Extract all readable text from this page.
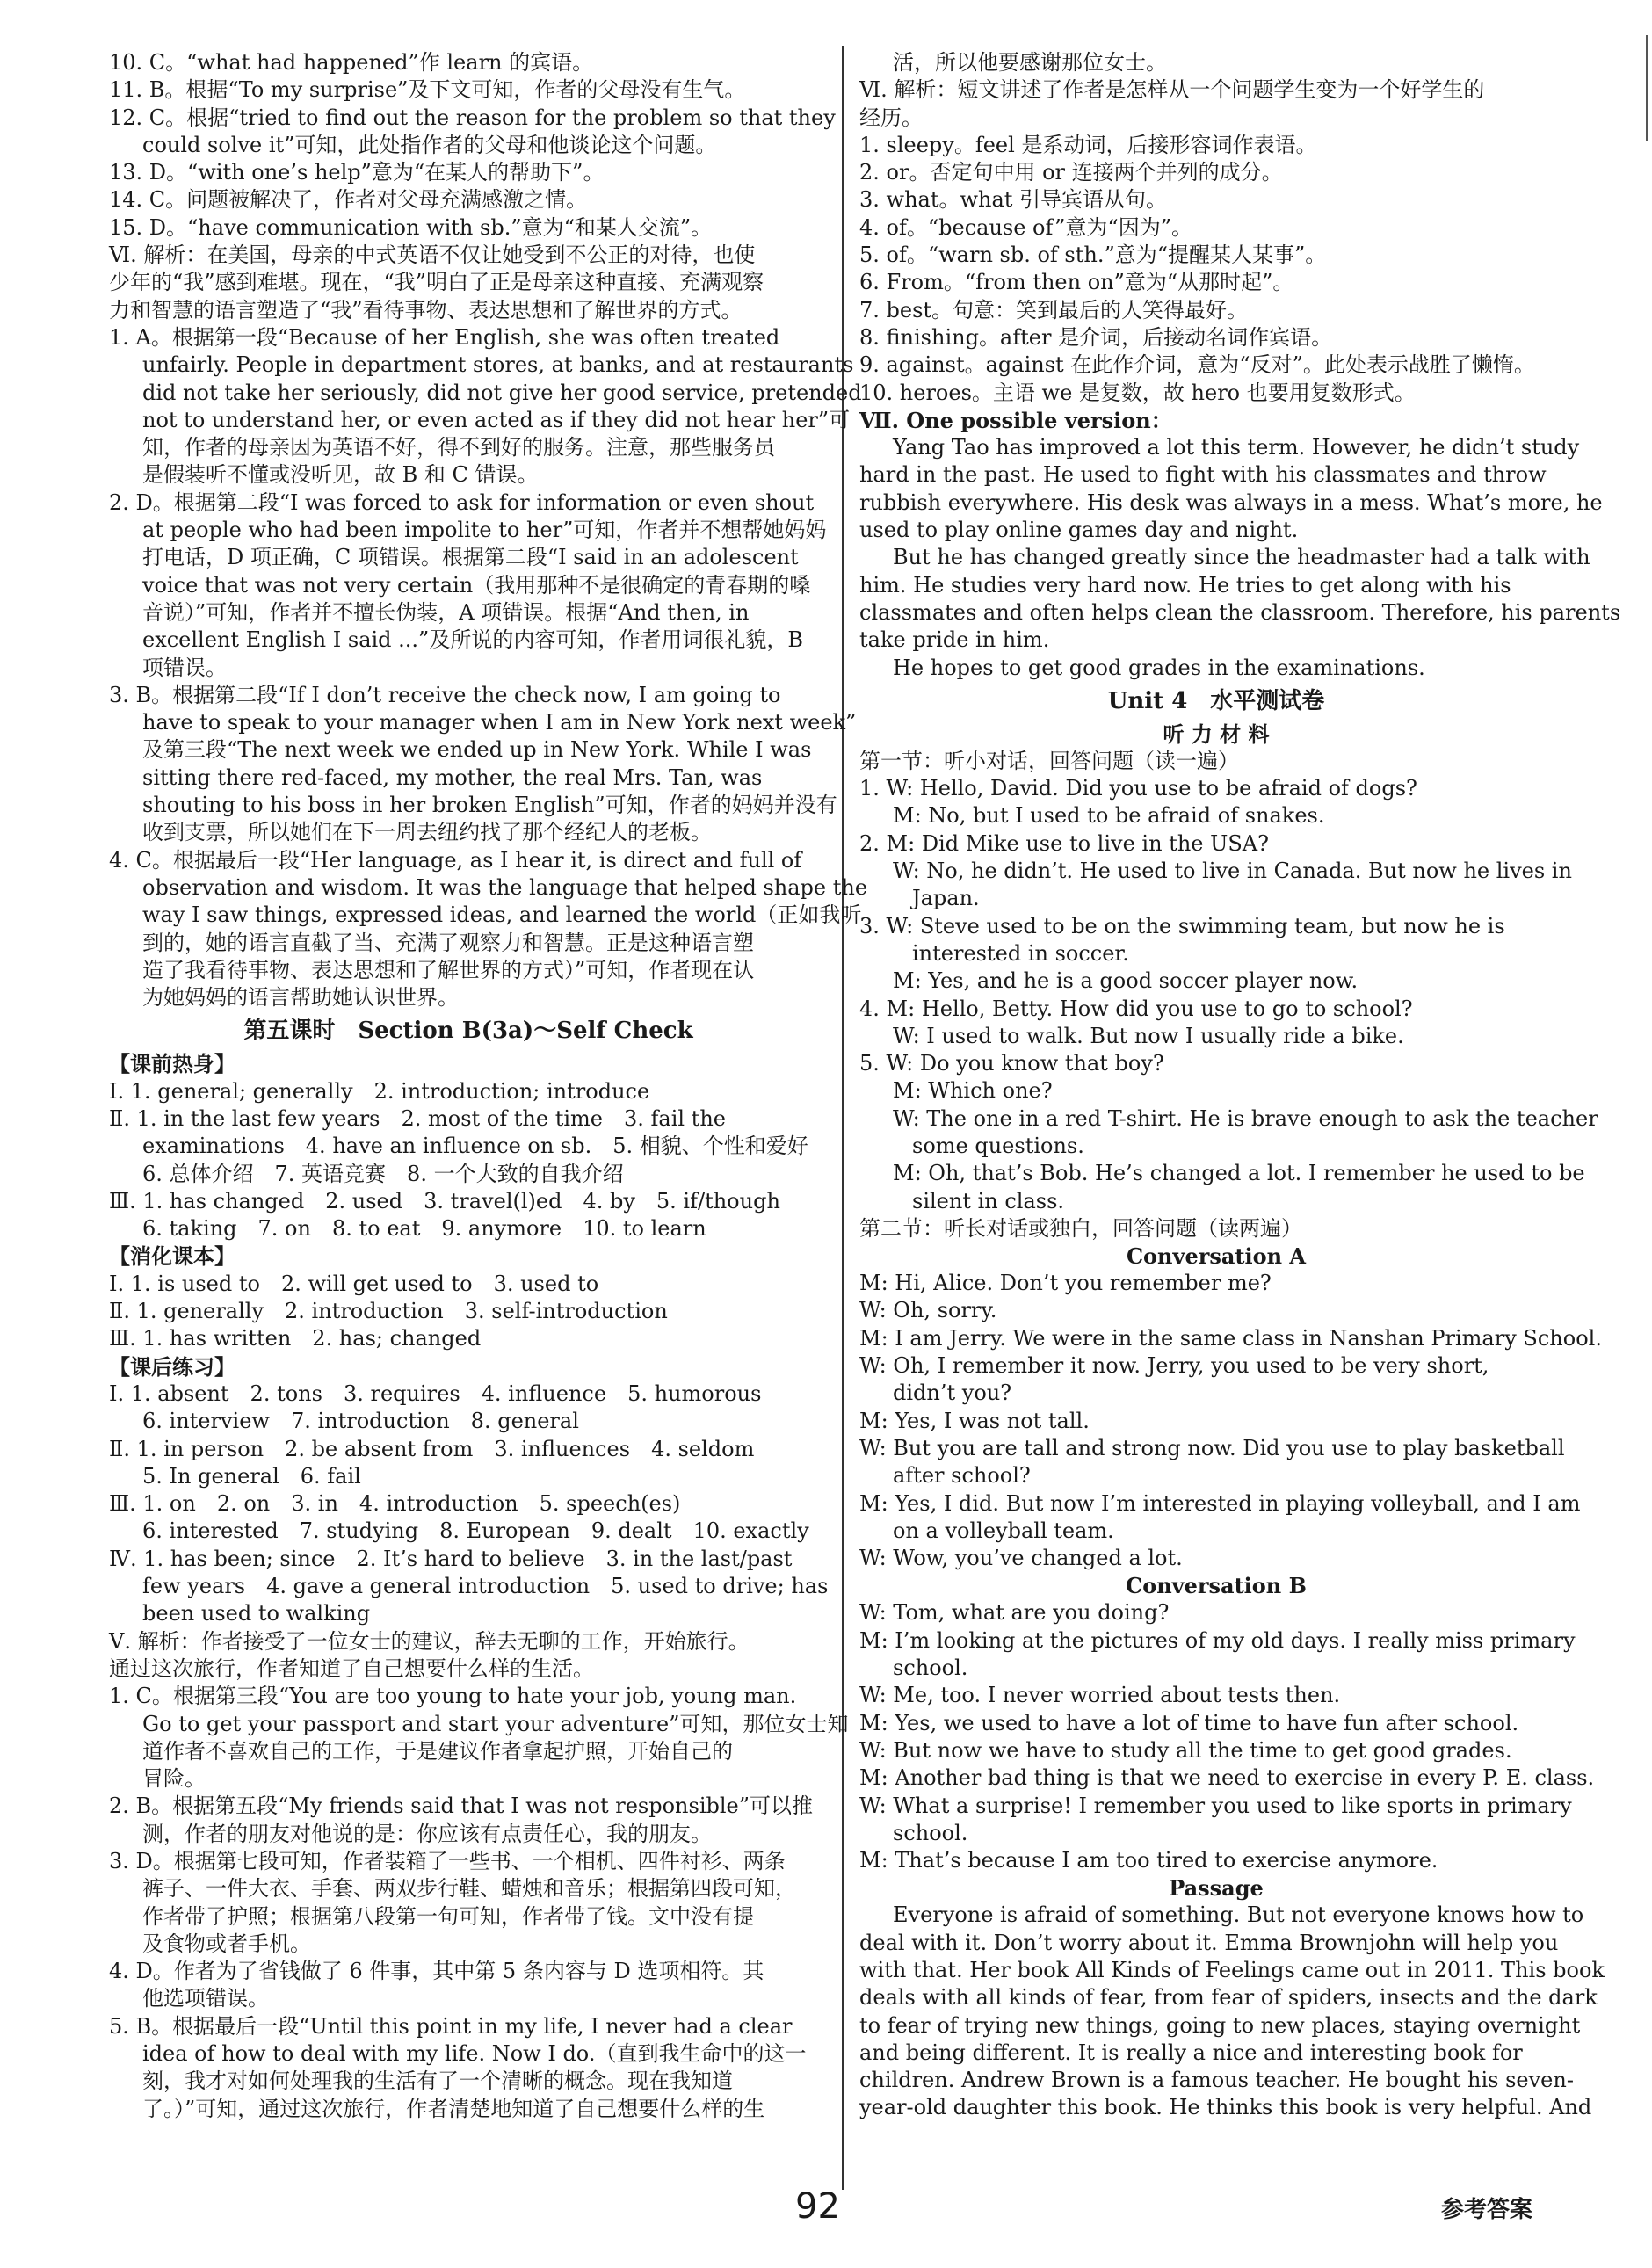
10. C。“what had happened”作 learn 的宾语。
11. B。根据“To my surprise”及下文可知，作者的父母没有生气。
12. C。根据“tried to find out the reason for the problem so that they
could solve it”可知，此处指作者的父母和他谈论这个问题。
13. D。“with one’s help”意为“在某人的帮助下”。
14. C。问题被解决了，作者对父母充满感激之情。
15. D。“have communication with sb.”意为“和某人交流”。
Ⅵ. 解析：在美国，母亲的中式英语不仅让她受到不公正的对待，也使
少年的“我”感到难堪。现在，“我”明白了正是母亲这种直接、充满观察
力和智慧的语言塑造了“我”看待事物、表达思想和了解世界的方式。
1. A。根据第一段“Because of her English, she was often treated
unfairly. People in department stores, at banks, and at restaurants
did not take her seriously, did not give her good service, pretended
not to understand her, or even acted as if they did not hear her”可
知，作者的母亲因为英语不好，得不到好的服务。注意，那些服务员
是假装听不懂或没听见，故 B 和 C 错误。
2. D。根据第二段“I was forced to ask for information or even shout
at people who had been impolite to her”可知，作者并不想帮她妈妈
打电话，D 项正确，C 项错误。根据第二段“I said in an adolescent
voice that was not very certain（我用那种不是很确定的青春期的嗓
音说）”可知，作者并不擅长伪装，A 项错误。根据“And then, in
excellent English I said ...”及所说的内容可知，作者用词很礼貌，B
项错误。
3. B。根据第二段“If I don’t receive the check now, I am going to
have to speak to your manager when I am in New York next week”
及第三段“The next week we ended up in New York. While I was
sitting there red-faced, my mother, the real Mrs. Tan, was
shouting to his boss in her broken English”可知，作者的妈妈并没有
收到支票，所以她们在下一周去纽约找了那个经纪人的老板。
4. C。根据最后一段“Her language, as I hear it, is direct and full of
observation and wisdom. It was the language that helped shape the
way I saw things, expressed ideas, and learned the world（正如我听
到的，她的语言直截了当、充满了观察力和智慧。正是这种语言塑
造了我看待事物、表达思想和了解世界的方式）”可知，作者现在认
为她妈妈的语言帮助她认识世界。
第五课时　Section B(3a)～Self Check
【课前热身】
Ⅰ. 1. general; generally　2. introduction; introduce
Ⅱ. 1. in the last few years　2. most of the time　3. fail the
examinations　4. have an influence on sb.　5. 相貌、个性和爱好
6. 总体介绍　7. 英语竞赛　8. 一个大致的自我介绍
Ⅲ. 1. has changed　2. used　3. travel(l)ed　4. by　5. if/though
6. taking　7. on　8. to eat　9. anymore　10. to learn
【消化课本】
Ⅰ. 1. is used to　2. will get used to　3. used to
Ⅱ. 1. generally　2. introduction　3. self-introduction
Ⅲ. 1. has written　2. has; changed
【课后练习】
Ⅰ. 1. absent　2. tons　3. requires　4. influence　5. humorous
6. interview　7. introduction　8. general
Ⅱ. 1. in person　2. be absent from　3. influences　4. seldom
5. In general　6. fail
Ⅲ. 1. on　2. on　3. in　4. introduction　5. speech(es)
6. interested　7. studying　8. European　9. dealt　10. exactly
Ⅳ. 1. has been; since　2. It’s hard to believe　3. in the last/past
few years　4. gave a general introduction　5. used to drive; has
been used to walking
Ⅴ. 解析：作者接受了一位女士的建议，辞去无聊的工作，开始旅行。
通过这次旅行，作者知道了自己想要什么样的生活。
1. C。根据第三段“You are too young to hate your job, young man.
Go to get your passport and start your adventure”可知，那位女士知
道作者不喜欢自己的工作，于是建议作者拿起护照，开始自己的
冒险。
2. B。根据第五段“My friends said that I was not responsible”可以推
测，作者的朋友对他说的是：你应该有点责任心，我的朋友。
3. D。根据第七段可知，作者装箱了一些书、一个相机、四件衬衫、两条
裤子、一件大衣、手套、两双步行鞋、蜡烛和音乐；根据第四段可知，
作者带了护照；根据第八段第一句可知，作者带了钱。文中没有提
及食物或者手机。
4. D。作者为了省钱做了 6 件事，其中第 5 条内容与 D 选项相符。其
他选项错误。
5. B。根据最后一段“Until this point in my life, I never had a clear
idea of how to deal with my life. Now I do.（直到我生命中的这一
刻，我才对如何处理我的生活有了一个清晰的概念。现在我知道
了。）”可知，通过这次旅行，作者清楚地知道了自己想要什么样的生
活，所以他要感谢那位女士。
Ⅵ. 解析：短文讲述了作者是怎样从一个问题学生变为一个好学生的
经历。
1. sleepy。feel 是系动词，后接形容词作表语。
2. or。否定句中用 or 连接两个并列的成分。
3. what。what 引导宾语从句。
4. of。“because of”意为“因为”。
5. of。“warn sb. of sth.”意为“提醒某人某事”。
6. From。“from then on”意为“从那时起”。
7. best。句意：笑到最后的人笑得最好。
8. finishing。after 是介词，后接动名词作宾语。
9. against。against 在此作介词，意为“反对”。此处表示战胜了懒惰。
10. heroes。主语 we 是复数，故 hero 也要用复数形式。
Ⅶ. One possible version：
Yang Tao has improved a lot this term. However, he didn’t study
hard in the past. He used to fight with his classmates and throw
rubbish everywhere. His desk was always in a mess. What’s more, he
used to play online games day and night.
But he has changed greatly since the headmaster had a talk with
him. He studies very hard now. He tries to get along with his
classmates and often helps clean the classroom. Therefore, his parents
take pride in him.
He hopes to get good grades in the examinations.
Unit 4　水平测试卷
听 力 材 料
第一节：听小对话，回答问题（读一遍）
1. W: Hello, David. Did you use to be afraid of dogs?
M: No, but I used to be afraid of snakes.
2. M: Did Mike use to live in the USA?
W: No, he didn’t. He used to live in Canada. But now he lives in
Japan.
3. W: Steve used to be on the swimming team, but now he is
interested in soccer.
M: Yes, and he is a good soccer player now.
4. M: Hello, Betty. How did you use to go to school?
W: I used to walk. But now I usually ride a bike.
5. W: Do you know that boy?
M: Which one?
W: The one in a red T-shirt. He is brave enough to ask the teacher
some questions.
M: Oh, that’s Bob. He’s changed a lot. I remember he used to be
silent in class.
第二节：听长对话或独白，回答问题（读两遍）
Conversation A
M: Hi, Alice. Don’t you remember me?
W: Oh, sorry.
M: I am Jerry. We were in the same class in Nanshan Primary School.
W: Oh, I remember it now. Jerry, you used to be very short,
didn’t you?
M: Yes, I was not tall.
W: But you are tall and strong now. Did you use to play basketball
after school?
M: Yes, I did. But now I’m interested in playing volleyball, and I am
on a volleyball team.
W: Wow, you’ve changed a lot.
Conversation B
W: Tom, what are you doing?
M: I’m looking at the pictures of my old days. I really miss primary
school.
W: Me, too. I never worried about tests then.
M: Yes, we used to have a lot of time to have fun after school.
W: But now we have to study all the time to get good grades.
M: Another bad thing is that we need to exercise in every P. E. class.
W: What a surprise! I remember you used to like sports in primary
school.
M: That’s because I am too tired to exercise anymore.
Passage
Everyone is afraid of something. But not everyone knows how to
deal with it. Don’t worry about it. Emma Brownjohn will help you
with that. Her book All Kinds of Feelings came out in 2011. This book
deals with all kinds of fear, from fear of spiders, insects and the dark
to fear of trying new things, going to new places, staying overnight
and being different. It is really a nice and interesting book for
children. Andrew Brown is a famous teacher. He bought his seven-
year-old daughter this book. He thinks this book is very helpful. And
92	参考答案
